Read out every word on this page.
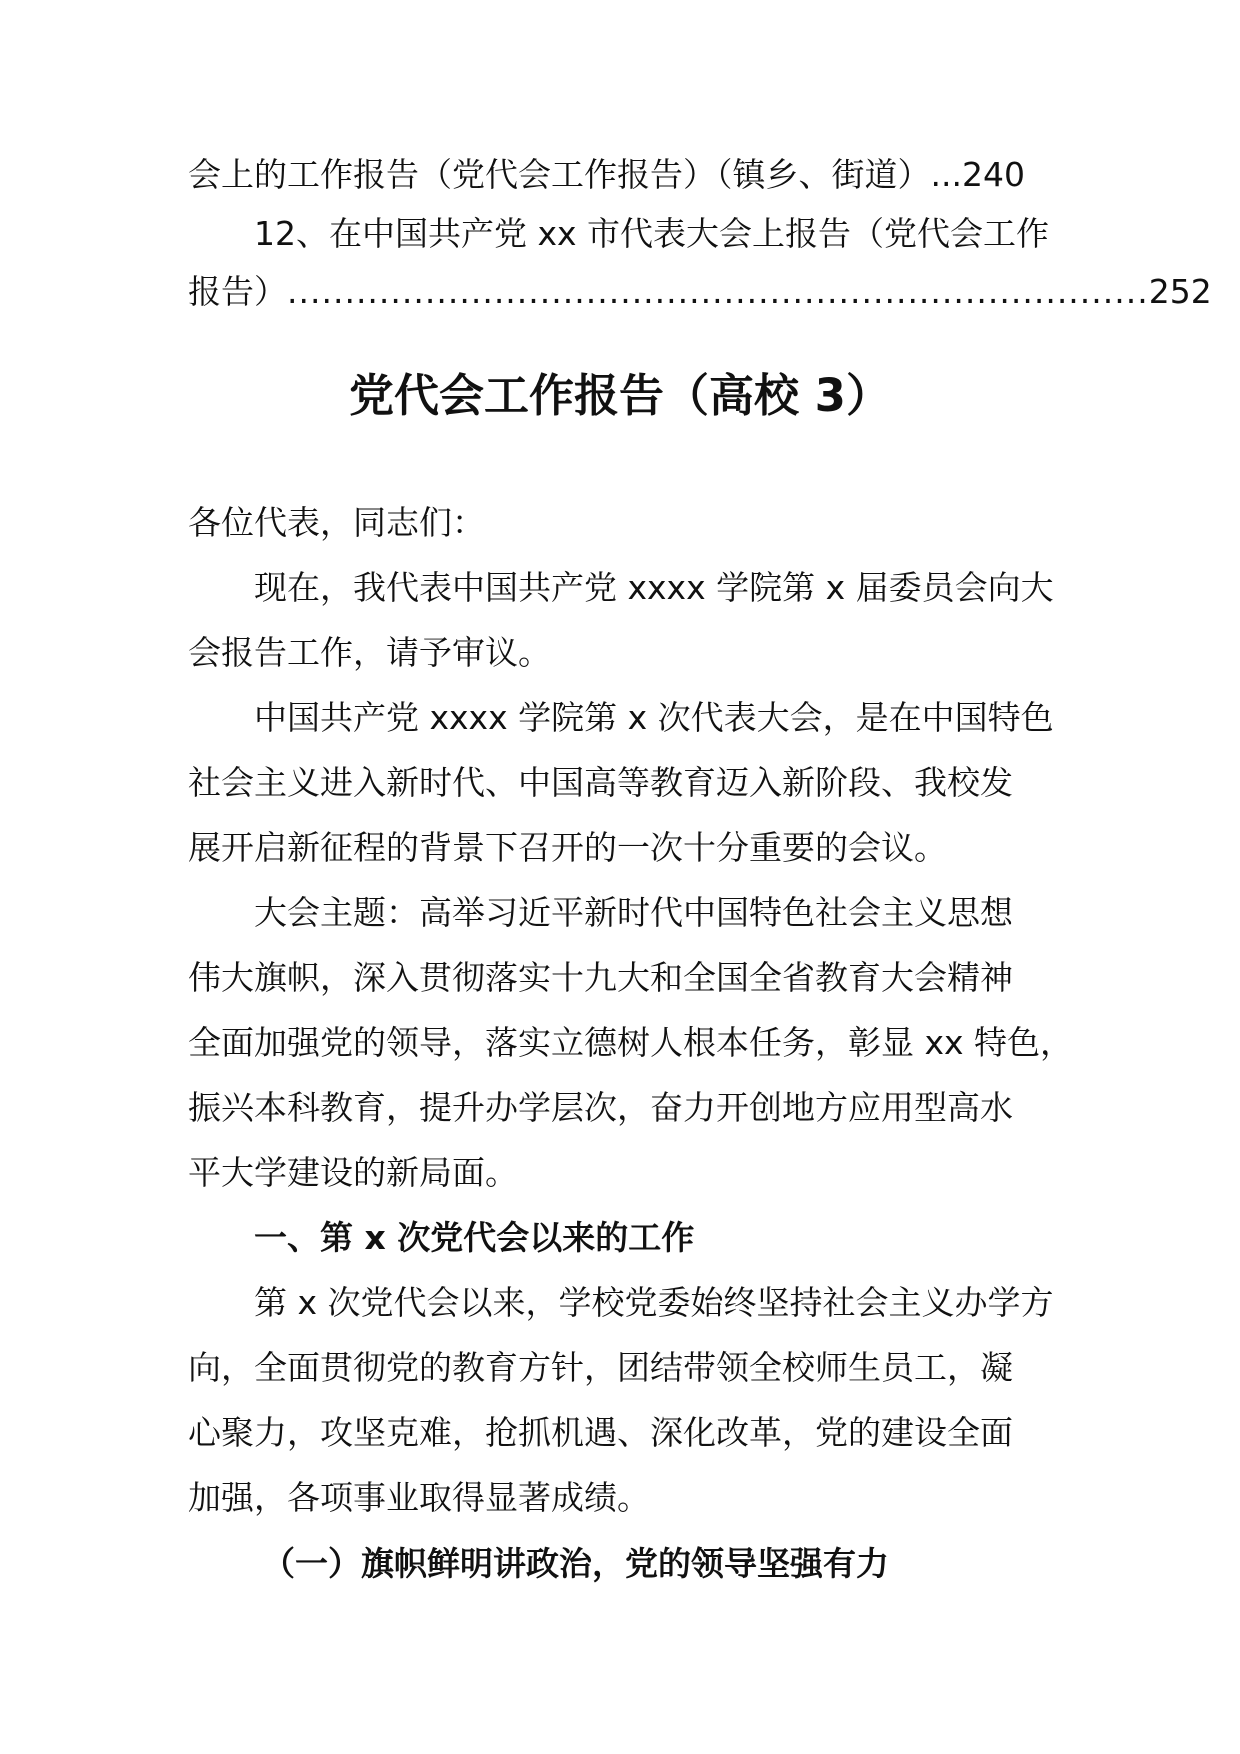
会上的工作报告（党代会工作报告）（镇乡、街道） ... 240
12、在中国共产党 xx 市代表大会上报告（党代会工作
报告） ........................................................................... 252
党代会工作报告（高校 3）
各位代表，同志们：
现在，我代表中国共产党 xxxx 学院第 x 届委员会向大
会报告工作，请予审议。
中国共产党 xxxx 学院第 x 次代表大会，是在中国特色
社会主义进入新时代、中国高等教育迈入新阶段、我校发
展开启新征程的背景下召开的一次十分重要的会议。
大会主题：高举习近平新时代中国特色社会主义思想
伟大旗帜，深入贯彻落实十九大和全国全省教育大会精神
全面加强党的领导，落实立德树人根本任务，彰显 xx 特色，
振兴本科教育，提升办学层次，奋力开创地方应用型高水
平大学建设的新局面。
一、第 x 次党代会以来的工作
第 x 次党代会以来，学校党委始终坚持社会主义办学方
向，全面贯彻党的教育方针，团结带领全校师生员工，凝
心聚力，攻坚克难，抢抓机遇、深化改革，党的建设全面
加强，各项事业取得显著成绩。
（一）旗帜鲜明讲政治，党的领导坚强有力
